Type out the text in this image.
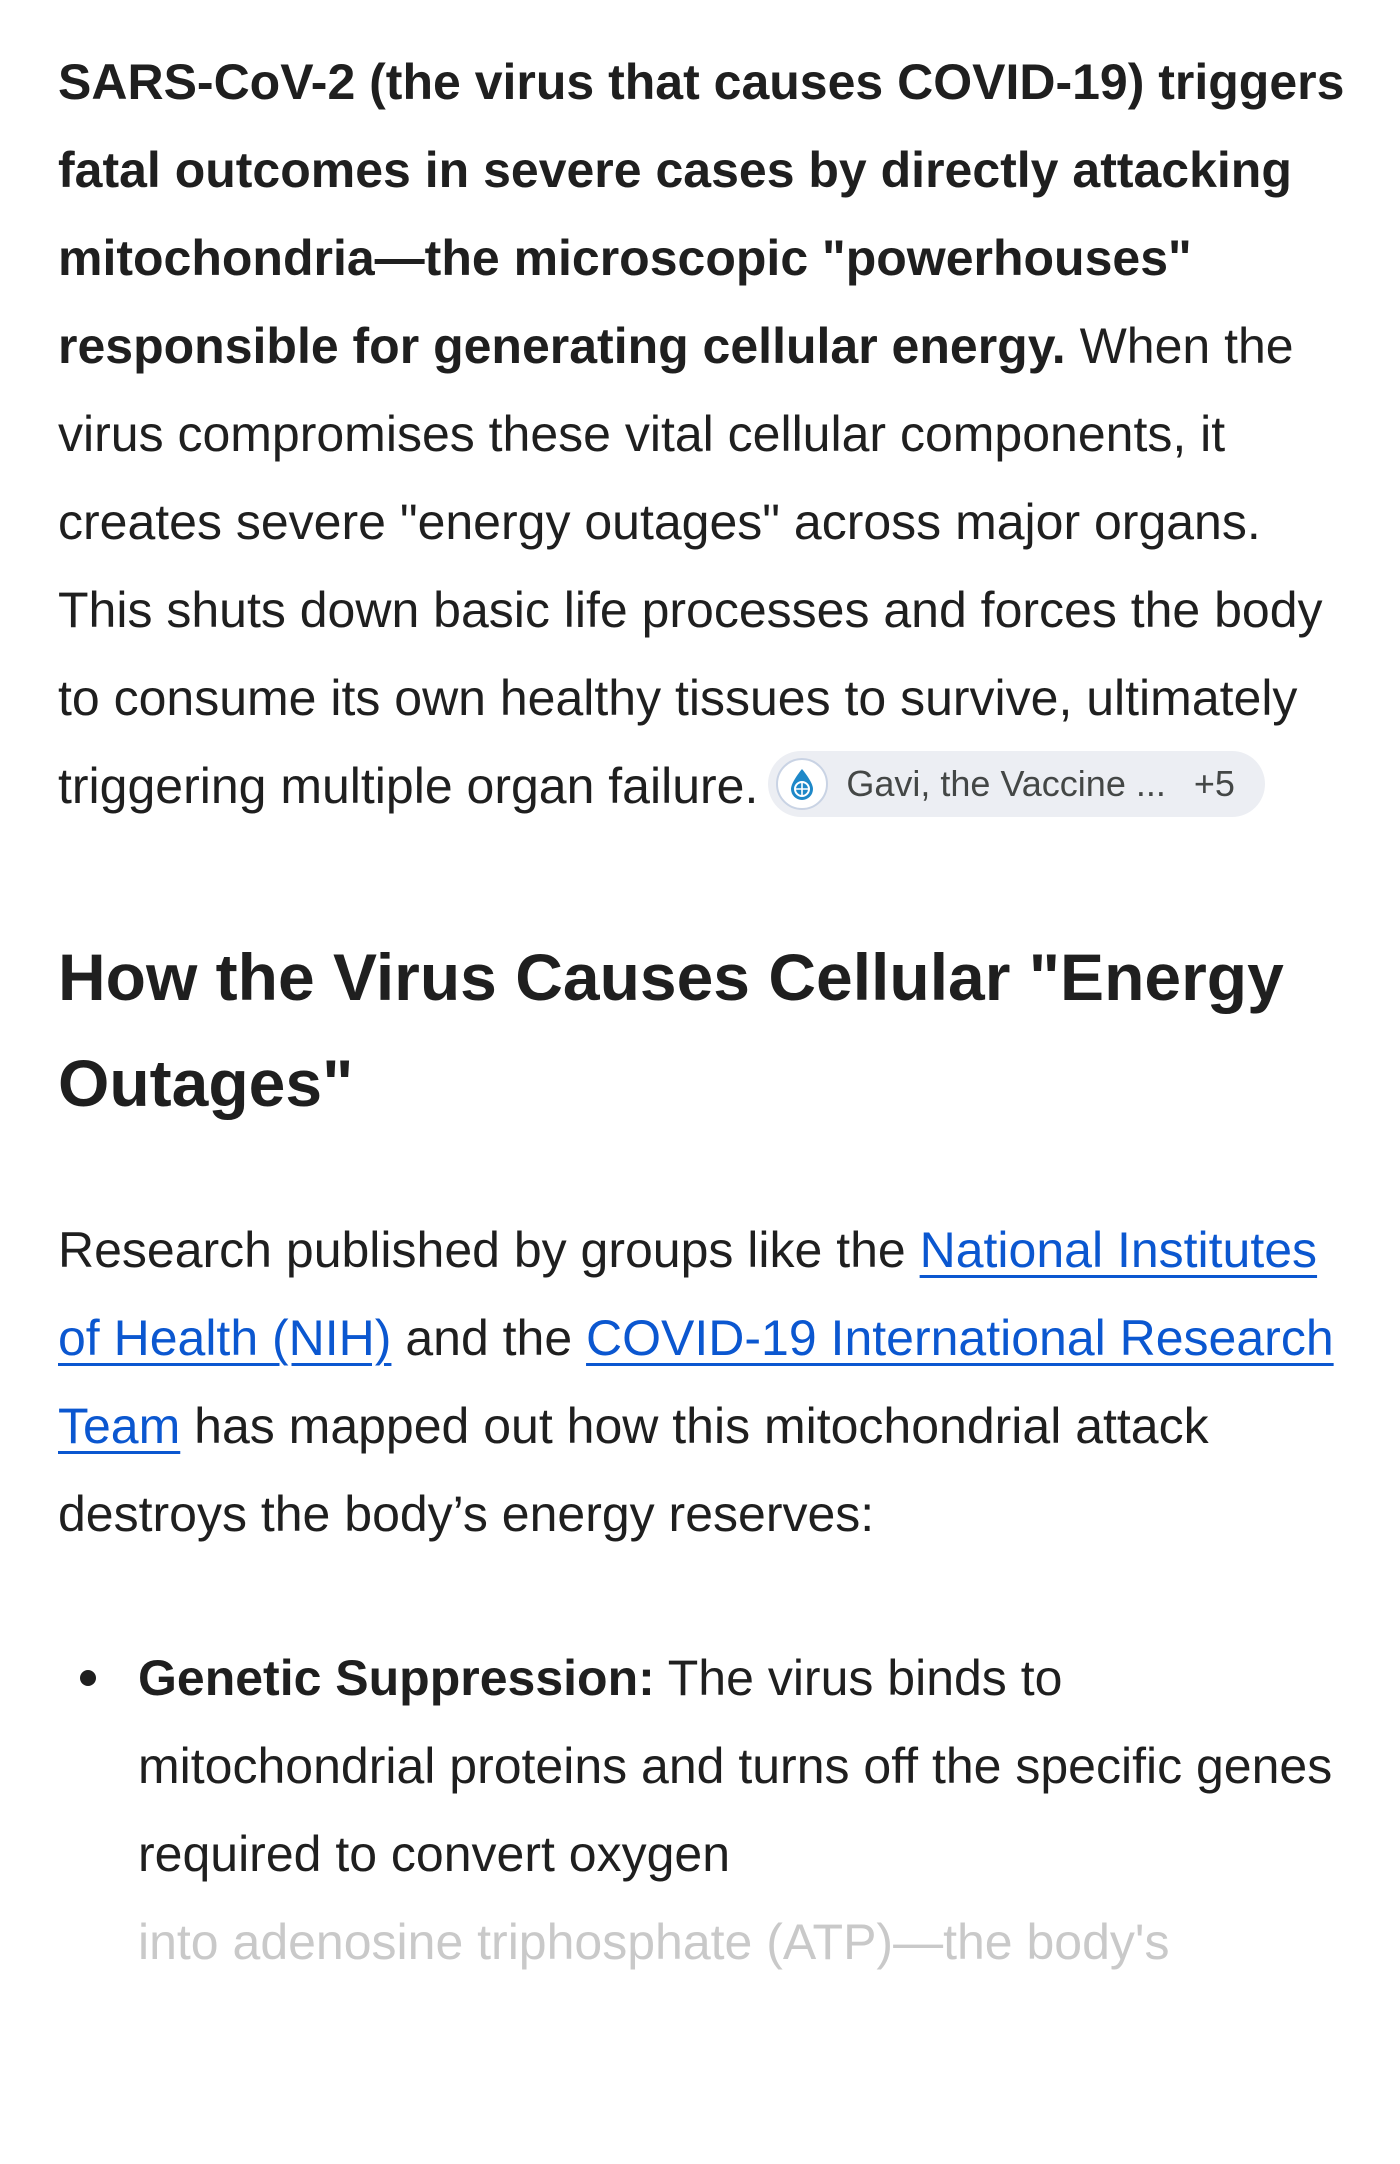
SARS-CoV-2 (the virus that causes COVID-19) triggers fatal outcomes in severe cases by directly attacking mitochondria—the microscopic "powerhouses" responsible for generating cellular energy. When the virus compromises these vital cellular components, it creates severe "energy outages" across major organs. This shuts down basic life processes and forces the body to consume its own healthy tissues to survive, ultimately triggering multiple organ failure. Gavi, the Vaccine ... +5

How the Virus Causes Cellular "Energy Outages"

Research published by groups like the National Institutes of Health (NIH) and the COVID-19 International Research Team has mapped out how this mitochondrial attack destroys the body’s energy reserves:

Genetic Suppression: The virus binds to mitochondrial proteins and turns off the specific genes required to convert oxygen
into adenosine triphosphate (ATP)—the body's
